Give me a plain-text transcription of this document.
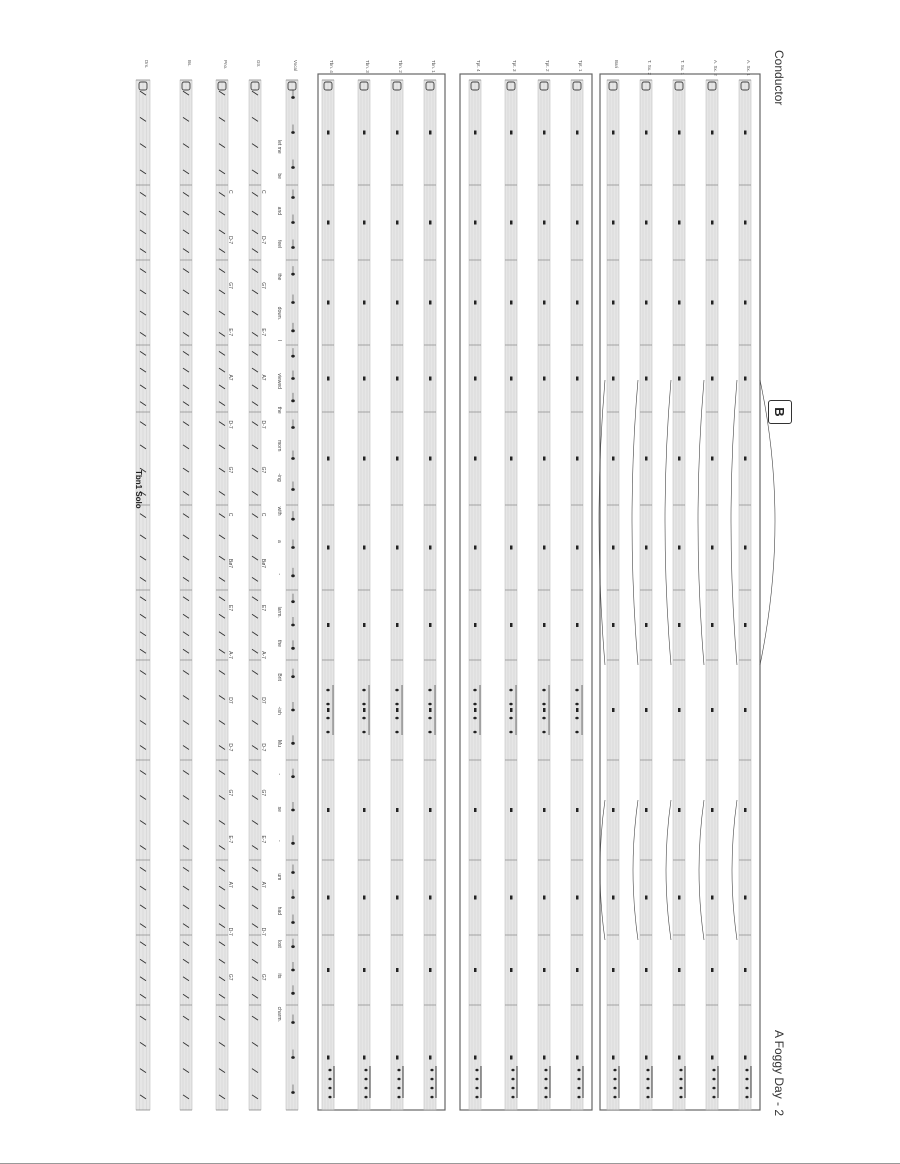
A. Sx. 1
A. Sx. 2
T. Sx. 1
T. Sx. 2
Bari
Tpt. 1
Tpt. 2
Tpt. 3
Tpt. 4
Tbn. 1
Tbn. 2
Tbn. 3
Tbn. 4
Vocal
Gtr.
Pno.
Bs.
Drs.
let me
be
and
feel
the
down.
I
viewed
the
morn
-ing
with
a
-
larm.
the
Brit
-ish
Mu
-
se
-
um
had
lost
its
charm.
C
D-7
G7
E-7
A7
D-7
G7
C
Bø7
E7
A-7
D7
D-7
G7
E-7
A7
D-7
G7
C
D-7
G7
E-7
A7
D-7
G7
C
Bø7
E7
A-7
D7
D-7
G7
E-7
A7
D-7
G7
Conductor
A Foggy Day - 2
B
Tbn1 Solo
